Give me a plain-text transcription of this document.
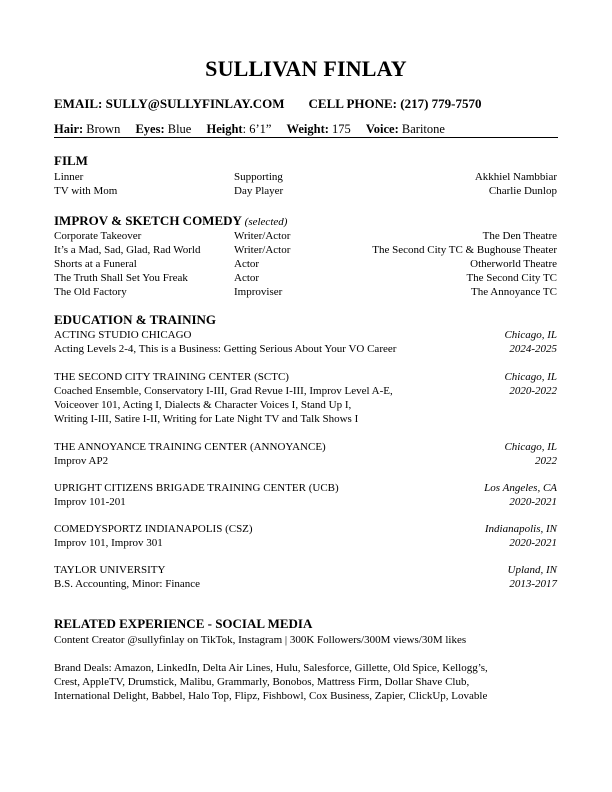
SULLIVAN FINLAY
EMAIL: SULLY@SULLYFINLAY.COM CELL PHONE: (217) 779-7570
Hair: Brown Eyes: Blue Height: 6’1” Weight: 175 Voice: Baritone
FILM
Linner	Supporting	Akkhiel Nambbiar
TV with Mom	Day Player	Charlie Dunlop
IMPROV & SKETCH COMEDY (selected)
Corporate Takeover	Writer/Actor	The Den Theatre
It’s a Mad, Sad, Glad, Rad World	Writer/Actor	The Second City TC & Bughouse Theater
Shorts at a Funeral	Actor	Otherworld Theatre
The Truth Shall Set You Freak	Actor	The Second City TC
The Old Factory	Improviser	The Annoyance TC
EDUCATION & TRAINING
ACTING STUDIO CHICAGO	Chicago, IL
Acting Levels 2-4, This is a Business: Getting Serious About Your VO Career	2024-2025
THE SECOND CITY TRAINING CENTER (SCTC)	Chicago, IL
Coached Ensemble, Conservatory I-III, Grad Revue I-III, Improv Level A-E,	2020-2022
Voiceover 101, Acting I, Dialects & Character Voices I, Stand Up I,
Writing I-III, Satire I-II, Writing for Late Night TV and Talk Shows I
THE ANNOYANCE TRAINING CENTER (ANNOYANCE)	Chicago, IL
Improv AP2	2022
UPRIGHT CITIZENS BRIGADE TRAINING CENTER (UCB)	Los Angeles, CA
Improv 101-201	2020-2021
COMEDYSPORTZ INDIANAPOLIS (CSZ)	Indianapolis, IN
Improv 101, Improv 301	2020-2021
TAYLOR UNIVERSITY	Upland, IN
B.S. Accounting, Minor: Finance	2013-2017
RELATED EXPERIENCE - SOCIAL MEDIA
Content Creator @sullyfinlay on TikTok, Instagram | 300K Followers/300M views/30M likes
Brand Deals: Amazon, LinkedIn, Delta Air Lines, Hulu, Salesforce, Gillette, Old Spice, Kellogg’s,
Crest, AppleTV, Drumstick, Malibu, Grammarly, Bonobos, Mattress Firm, Dollar Shave Club,
International Delight, Babbel, Halo Top, Flipz, Fishbowl, Cox Business, Zapier, ClickUp, Lovable
